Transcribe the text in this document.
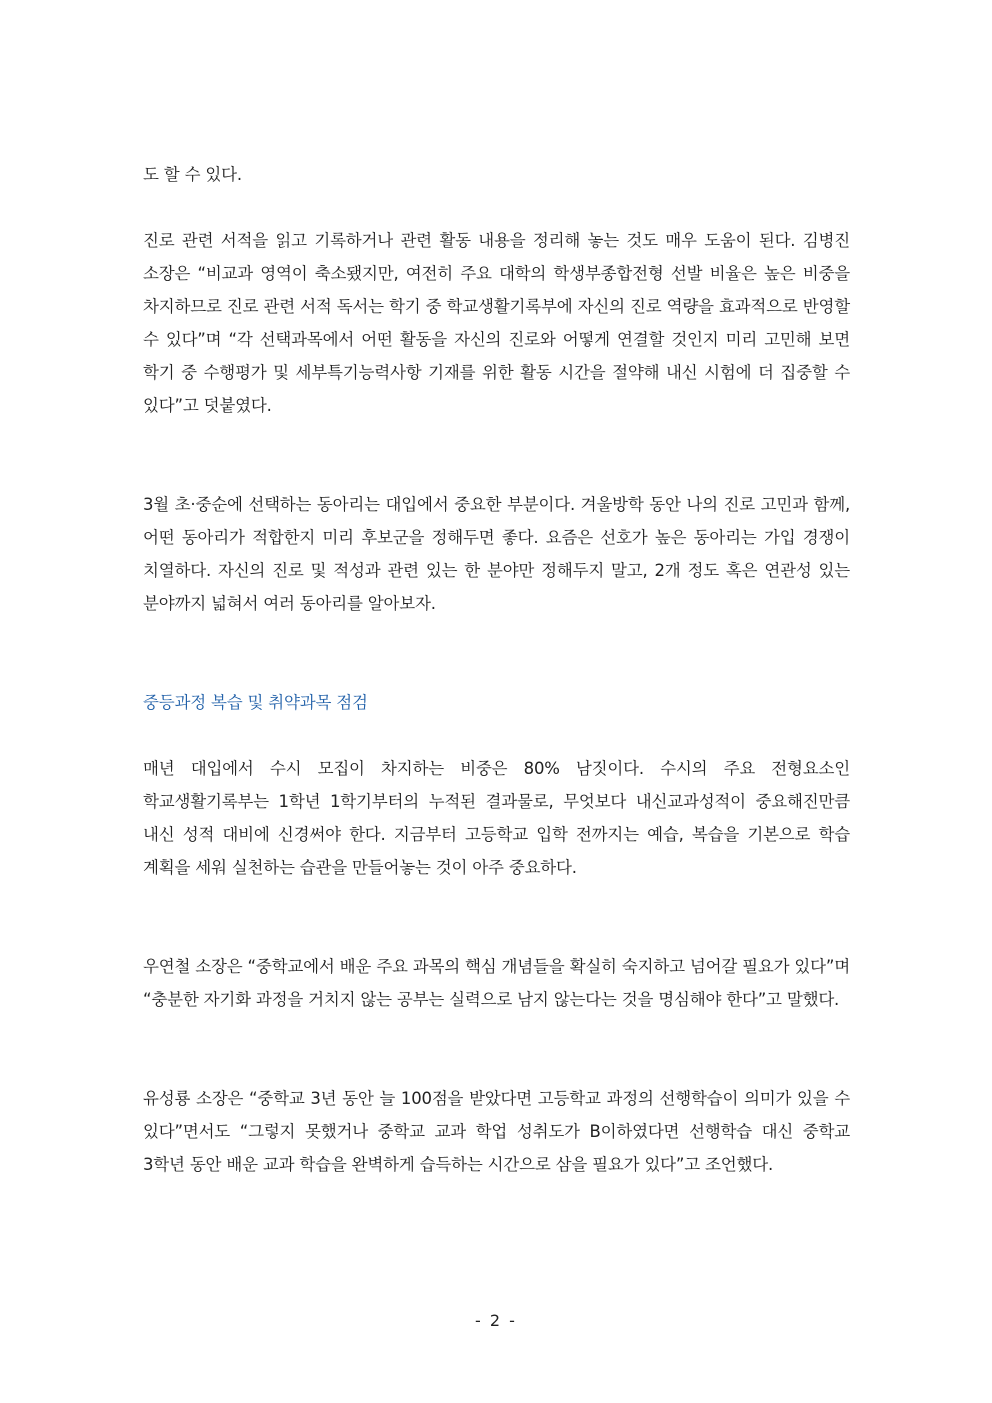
도 할 수 있다.

진로 관련 서적을 읽고 기록하거나 관련 활동 내용을 정리해 놓는 것도 매우 도움이 된다. 김병진 소장은 “비교과 영역이 축소됐지만, 여전히 주요 대학의 학생부종합전형 선발 비율은 높은 비중을 차지하므로 진로 관련 서적 독서는 학기 중 학교생활기록부에 자신의 진로 역량을 효과적으로 반영할 수 있다”며 “각 선택과목에서 어떤 활동을 자신의 진로와 어떻게 연결할 것인지 미리 고민해 보면 학기 중 수행평가 및 세부특기능력사항 기재를 위한 활동 시간을 절약해 내신 시험에 더 집중할 수 있다”고 덧붙였다.

3월 초·중순에 선택하는 동아리는 대입에서 중요한 부분이다. 겨울방학 동안 나의 진로 고민과 함께, 어떤 동아리가 적합한지 미리 후보군을 정해두면 좋다. 요즘은 선호가 높은 동아리는 가입 경쟁이 치열하다. 자신의 진로 및 적성과 관련 있는 한 분야만 정해두지 말고, 2개 정도 혹은 연관성 있는 분야까지 넓혀서 여러 동아리를 알아보자.

중등과정 복습 및 취약과목 점검

매년 대입에서 수시 모집이 차지하는 비중은 80% 남짓이다. 수시의 주요 전형요소인 학교생활기록부는 1학년 1학기부터의 누적된 결과물로, 무엇보다 내신교과성적이 중요해진만큼 내신 성적 대비에 신경써야 한다. 지금부터 고등학교 입학 전까지는 예습, 복습을 기본으로 학습 계획을 세워 실천하는 습관을 만들어놓는 것이 아주 중요하다.

우연철 소장은 “중학교에서 배운 주요 과목의 핵심 개념들을 확실히 숙지하고 넘어갈 필요가 있다”며 “충분한 자기화 과정을 거치지 않는 공부는 실력으로 남지 않는다는 것을 명심해야 한다”고 말했다.

유성룡 소장은 “중학교 3년 동안 늘 100점을 받았다면 고등학교 과정의 선행학습이 의미가 있을 수 있다”면서도 “그렇지 못했거나 중학교 교과 학업 성취도가 B이하였다면 선행학습 대신 중학교 3학년 동안 배운 교과 학습을 완벽하게 습득하는 시간으로 삼을 필요가 있다”고 조언했다.

- 2 -
